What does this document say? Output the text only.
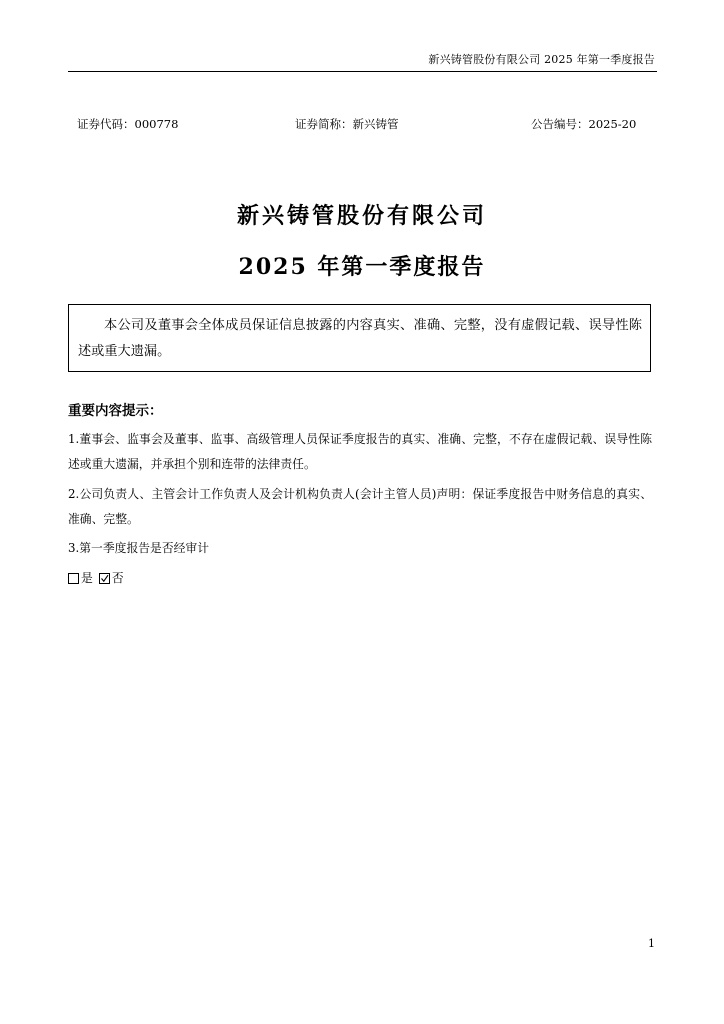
新兴铸管股份有限公司 2025 年第一季度报告
证券代码：000778	证券简称：新兴铸管	公告编号：2025-20
新兴铸管股份有限公司
2025 年第一季度报告
本公司及董事会全体成员保证信息披露的内容真实、准确、完整，没有虚假记载、误导性陈述或重大遗漏。
重要内容提示：
1.董事会、监事会及董事、监事、高级管理人员保证季度报告的真实、准确、完整，不存在虚假记载、误导性陈述或重大遗漏，并承担个别和连带的法律责任。
2.公司负责人、主管会计工作负责人及会计机构负责人(会计主管人员)声明：保证季度报告中财务信息的真实、准确、完整。
3.第一季度报告是否经审计
是 否
1
